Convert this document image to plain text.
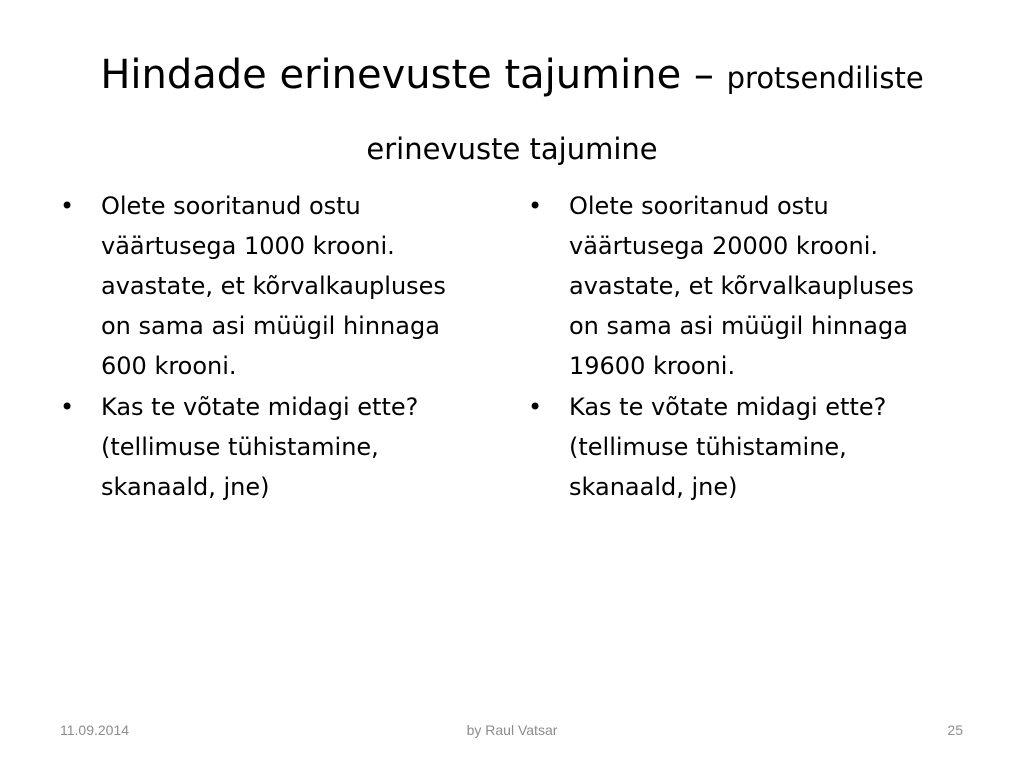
Hindade erinevuste tajumine – protsendiliste erinevuste tajumine
• Olete sooritanud ostu väärtusega 1000 krooni. avastate, et kõrvalkaupluses on sama asi müügil hinnaga 600 krooni.
• Kas te võtate midagi ette? (tellimuse tühistamine, skanaald, jne)
• Olete sooritanud ostu väärtusega 20000 krooni. avastate, et kõrvalkaupluses on sama asi müügil hinnaga 19600 krooni.
• Kas te võtate midagi ette? (tellimuse tühistamine, skanaald, jne)
11.09.2014	by Raul Vatsar	25
